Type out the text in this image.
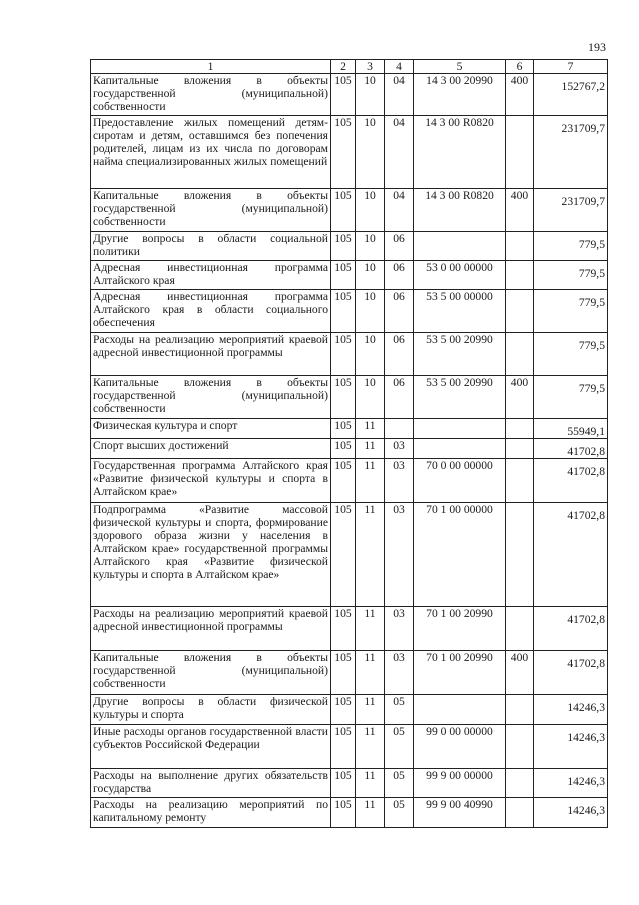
193
1	2	3	4	5	6	7
Капитальные вложения в объекты государственной (муниципальной) собственности	105	10	04	14 3 00 20990	400	152767,2
Предоставление жилых помещений детям-сиротам и детям, оставшимся без попечения родителей, лицам из их числа по договорам найма специализированных жилых помещений	105	10	04	14 3 00 R0820		231709,7
Капитальные вложения в объекты государственной (муниципальной) собственности	105	10	04	14 3 00 R0820	400	231709,7
Другие вопросы в области социальной политики	105	10	06			779,5
Адресная инвестиционная программа Алтайского края	105	10	06	53 0 00 00000		779,5
Адресная инвестиционная программа Алтайского края в области социального обеспечения	105	10	06	53 5 00 00000		779,5
Расходы на реализацию мероприятий краевой адресной инвестиционной программы	105	10	06	53 5 00 20990		779,5
Капитальные вложения в объекты государственной (муниципальной) собственности	105	10	06	53 5 00 20990	400	779,5
Физическая культура и спорт	105	11				55949,1
Спорт высших достижений	105	11	03			41702,8
Государственная программа Алтайского края «Развитие физической культуры и спорта в Алтайском крае»	105	11	03	70 0 00 00000		41702,8
Подпрограмма «Развитие массовой физической культуры и спорта, формирование здорового образа жизни у населения в Алтайском крае» государственной программы Алтайского края «Развитие физической культуры и спорта в Алтайском крае»	105	11	03	70 1 00 00000		41702,8
Расходы на реализацию мероприятий краевой адресной инвестиционной программы	105	11	03	70 1 00 20990		41702,8
Капитальные вложения в объекты государственной (муниципальной) собственности	105	11	03	70 1 00 20990	400	41702,8
Другие вопросы в области физической культуры и спорта	105	11	05			14246,3
Иные расходы органов государственной власти субъектов Российской Федерации	105	11	05	99 0 00 00000		14246,3
Расходы на выполнение других обязательств государства	105	11	05	99 9 00 00000		14246,3
Расходы на реализацию мероприятий по капитальному ремонту	105	11	05	99 9 00 40990		14246,3
